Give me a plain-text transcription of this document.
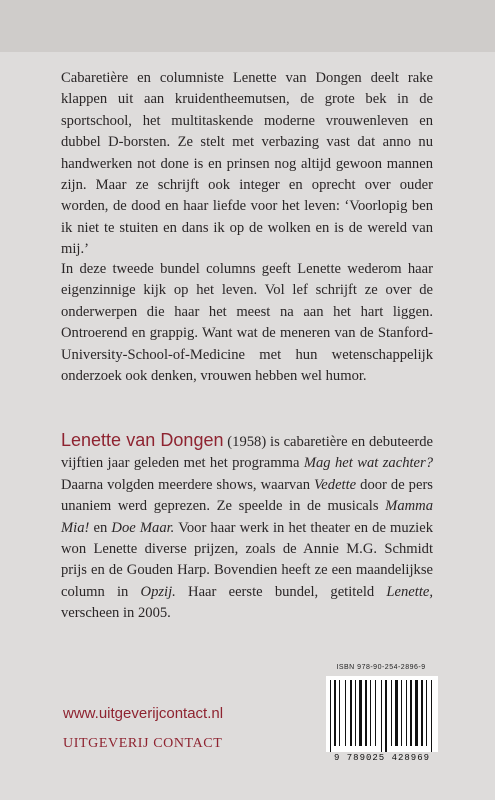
Cabaretière en columniste Lenette van Dongen deelt rake klappen uit aan kruidentheemutsen, de grote bek in de sportschool, het multitaskende moderne vrouwenleven en dubbel D-borsten. Ze stelt met verbazing vast dat anno nu handwerken not done is en prinsen nog altijd gewoon mannen zijn. Maar ze schrijft ook integer en oprecht over ouder worden, de dood en haar liefde voor het leven: ‘Voorlopig ben ik niet te stuiten en dans ik op de wolken en is de wereld van mij.’

In deze tweede bundel columns geeft Lenette wederom haar eigenzinnige kijk op het leven. Vol lef schrijft ze over de onderwerpen die haar het meest na aan het hart liggen. Ontroerend en grappig. Want wat de meneren van de Stanford-University-School-of-Medicine met hun wetenschappelijk onderzoek ook denken, vrouwen hebben wel humor.

Lenette van Dongen (1958) is cabaretière en debuteerde vijftien jaar geleden met het programma Mag het wat zachter? Daarna volgden meerdere shows, waarvan Vedette door de pers unaniem werd geprezen. Ze speelde in de musicals Mamma Mia! en Doe Maar. Voor haar werk in het theater en de muziek won Lenette diverse prijzen, zoals de Annie M.G. Schmidt prijs en de Gouden Harp. Bovendien heeft ze een maandelijkse column in Opzij. Haar eerste bundel, getiteld Lenette, verscheen in 2005.

ISBN 978-90-254-2896-9
9 789025 428969
www.uitgeverijcontact.nl
UITGEVERIJ CONTACT
